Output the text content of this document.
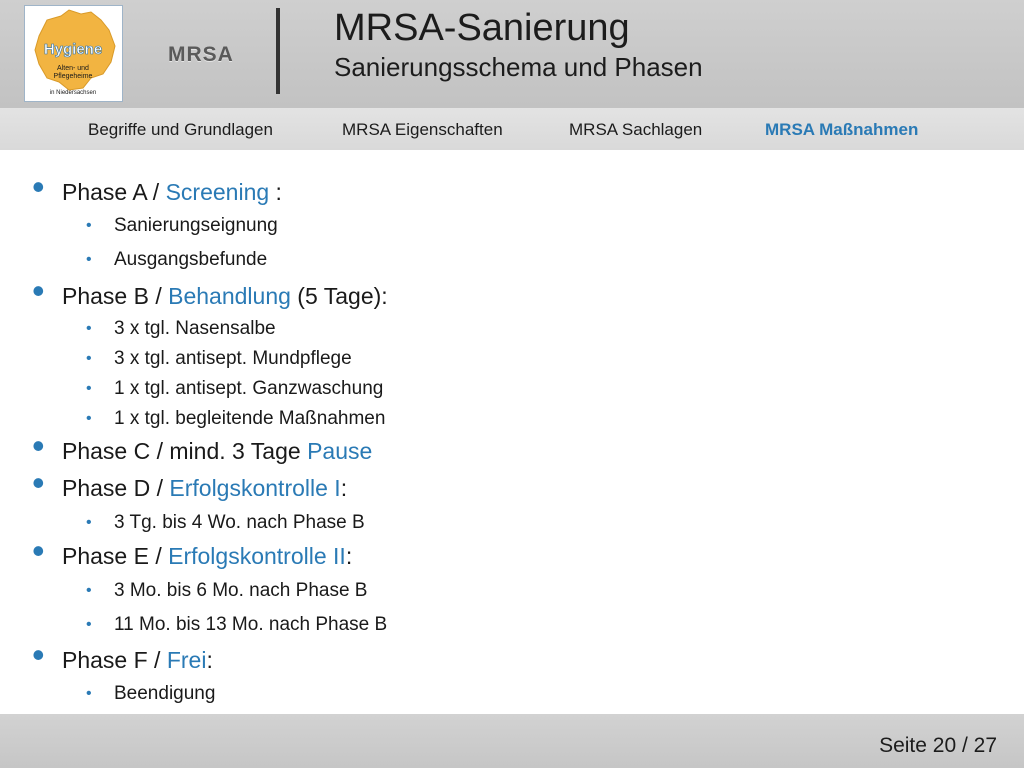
Hygiene
Alten- und
Pflegeheime
in Niedersachsen
MRSA
MRSA-Sanierung
Sanierungsschema und Phasen
Begriffe und Grundlagen	MRSA Eigenschaften	MRSA Sachlagen	MRSA Maßnahmen
• Phase A / Screening :
• Sanierungseignung
• Ausgangsbefunde
• Phase B / Behandlung (5 Tage):
• 3 x tgl. Nasensalbe
• 3 x tgl. antisept. Mundpflege
• 1 x tgl. antisept. Ganzwaschung
• 1 x tgl. begleitende Maßnahmen
• Phase C / mind. 3 Tage Pause
• Phase D / Erfolgskontrolle I:
• 3 Tg. bis 4 Wo. nach Phase B
• Phase E / Erfolgskontrolle II:
• 3 Mo. bis 6 Mo. nach Phase B
• 11 Mo. bis 13 Mo. nach Phase B
• Phase F / Frei:
• Beendigung
Seite 20 / 27
